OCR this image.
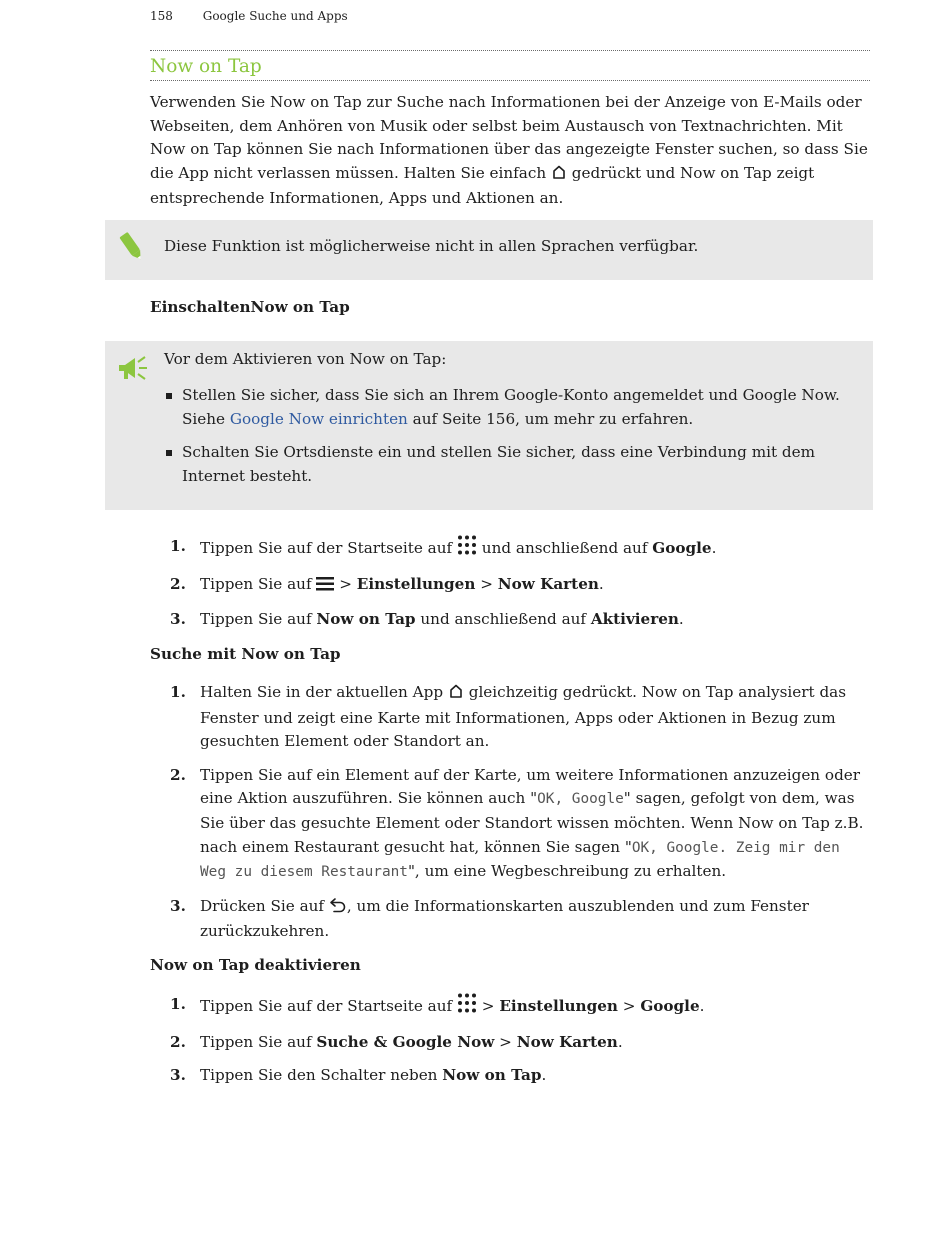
158 Google Suche und Apps
Now on Tap

Verwenden Sie Now on Tap zur Suche nach Informationen bei der Anzeige von E-Mails oder Webseiten, dem Anhören von Musik oder selbst beim Austausch von Textnachrichten. Mit Now on Tap können Sie nach Informationen über das angezeigte Fenster suchen, so dass Sie die App nicht verlassen müssen. Halten Sie einfach gedrückt und Now on Tap zeigt entsprechende Informationen, Apps und Aktionen an.

Diese Funktion ist möglicherweise nicht in allen Sprachen verfügbar.
EinschaltenNow on Tap
Vor dem Aktivieren von Now on Tap:
Stellen Sie sicher, dass Sie sich an Ihrem Google-Konto angemeldet und Google Now. Siehe Google Now einrichten auf Seite 156, um mehr zu erfahren.
Schalten Sie Ortsdienste ein und stellen Sie sicher, dass eine Verbindung mit dem Internet besteht.
1. Tippen Sie auf der Startseite auf und anschließend auf Google.
2. Tippen Sie auf > Einstellungen > Now Karten.
3. Tippen Sie auf Now on Tap und anschließend auf Aktivieren.
Suche mit Now on Tap
1. Halten Sie in der aktuellen App gleichzeitig gedrückt. Now on Tap analysiert das Fenster und zeigt eine Karte mit Informationen, Apps oder Aktionen in Bezug zum gesuchten Element oder Standort an.
2. Tippen Sie auf ein Element auf der Karte, um weitere Informationen anzuzeigen oder eine Aktion auszuführen. Sie können auch "OK, Google" sagen, gefolgt von dem, was Sie über das gesuchte Element oder Standort wissen möchten. Wenn Now on Tap z.B. nach einem Restaurant gesucht hat, können Sie sagen "OK, Google. Zeig mir den Weg zu diesem Restaurant", um eine Wegbeschreibung zu erhalten.
3. Drücken Sie auf , um die Informationskarten auszublenden und zum Fenster zurückzukehren.
Now on Tap deaktivieren
1. Tippen Sie auf der Startseite auf > Einstellungen > Google.
2. Tippen Sie auf Suche & Google Now > Now Karten.
3. Tippen Sie den Schalter neben Now on Tap.
